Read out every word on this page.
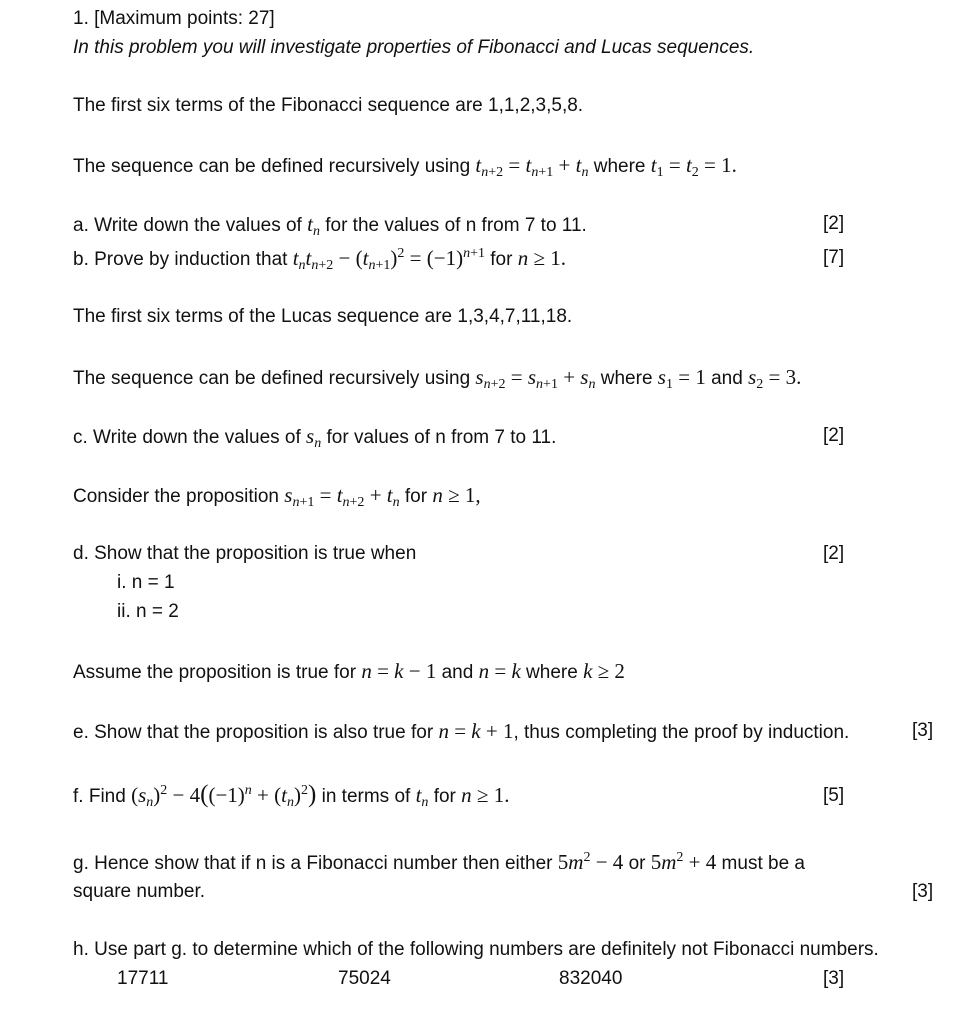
1. [Maximum points: 27]
In this problem you will investigate properties of Fibonacci and Lucas sequences.
The first six terms of the Fibonacci sequence are 1,1,2,3,5,8.
The sequence can be defined recursively using $t_{n+2} = t_{n+1} + t_n$ where $t_1 = t_2 = 1$.
a. Write down the values of $t_n$ for the values of n from 7 to 11.	[2]
b. Prove by induction that $t_nt_{n+2} - (t_{n+1})^2 = (-1)^{n+1}$ for n ≥ 1.	[7]
The first six terms of the Lucas sequence are 1,3,4,7,11,18.
The sequence can be defined recursively using $s_{n+2} = s_{n+1} + s_n$ where $s_1 = 1$ and $s_2 = 3$.
c. Write down the values of $s_n$ for values of n from 7 to 11.	[2]
Consider the proposition $s_{n+1} = t_{n+2} + t_n$ for n ≥ 1,
d. Show that the proposition is true when	[2]
i. n = 1
ii. n = 2
Assume the proposition is true for n = k − 1 and n = k where k ≥ 2
e. Show that the proposition is also true for n = k + 1, thus completing the proof by induction.	[3]
f. Find $(s_n)^2 - 4((-1)^n + (t_n)^2)$ in terms of $t_n$ for n ≥ 1.	[5]
g. Hence show that if n is a Fibonacci number then either $5m^2 - 4$ or $5m^2 + 4$ must be a
square number.	[3]
h. Use part g. to determine which of the following numbers are definitely not Fibonacci numbers.
17711	75024	832040	[3]
